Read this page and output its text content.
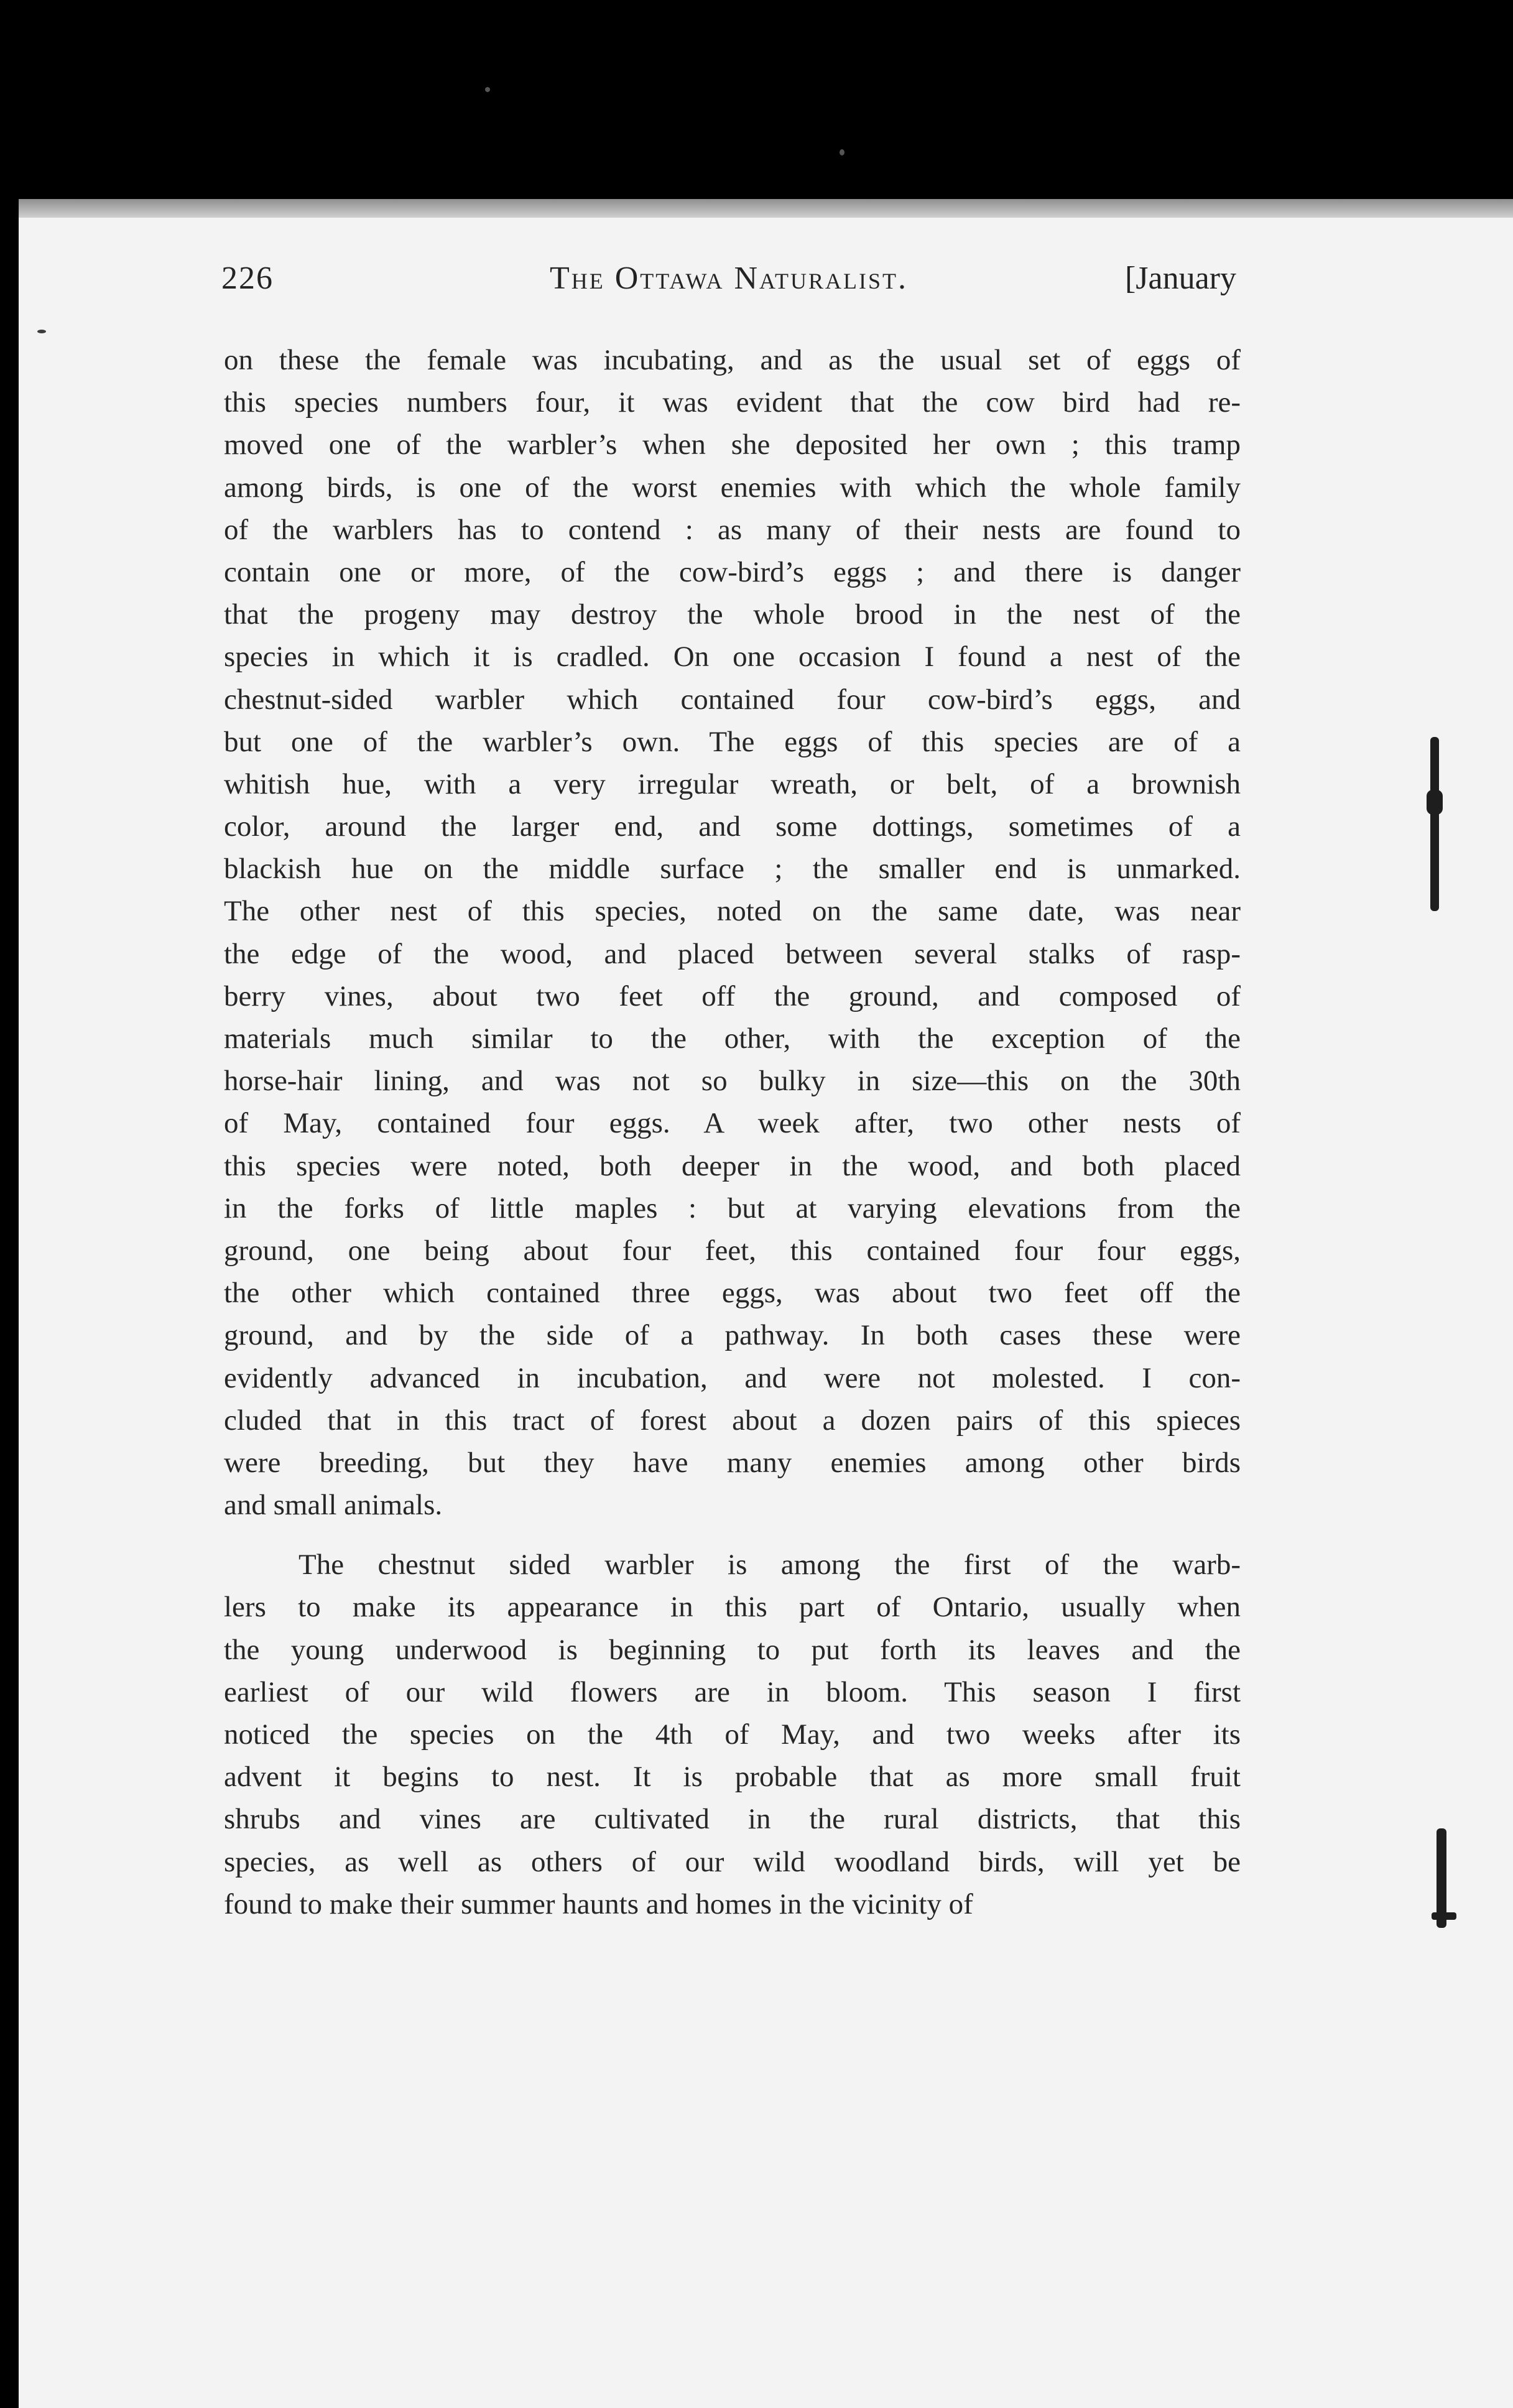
226	The Ottawa Naturalist.	[January
on these the female was incubating, and as the usual set of eggs of
this species numbers four, it was evident that the cow bird had re-
moved one of the warbler’s when she deposited her own ; this tramp
among birds, is one of the worst enemies with which the whole family
of the warblers has to contend : as many of their nests are found to
contain one or more, of the cow-bird’s eggs ; and there is danger
that the progeny may destroy the whole brood in the nest of the
species in which it is cradled. On one occasion I found a nest of the
chestnut-sided warbler which contained four cow-bird’s eggs, and
but one of the warbler’s own. The eggs of this species are of a
whitish hue, with a very irregular wreath, or belt, of a brownish
color, around the larger end, and some dottings, sometimes of a
blackish hue on the middle surface ; the smaller end is unmarked.
The other nest of this species, noted on the same date, was near
the edge of the wood, and placed between several stalks of rasp-
berry vines, about two feet off the ground, and composed of
materials much similar to the other, with the exception of the
horse-hair lining, and was not so bulky in size—this on the 30th
of May, contained four eggs. A week after, two other nests of
this species were noted, both deeper in the wood, and both placed
in the forks of little maples : but at varying elevations from the
ground, one being about four feet, this contained four four eggs,
the other which contained three eggs, was about two feet off the
ground, and by the side of a pathway. In both cases these were
evidently advanced in incubation, and were not molested. I con-
cluded that in this tract of forest about a dozen pairs of this spieces
were breeding, but they have many enemies among other birds
and small animals.
The chestnut sided warbler is among the first of the warb-
lers to make its appearance in this part of Ontario, usually when
the young underwood is beginning to put forth its leaves and the
earliest of our wild flowers are in bloom. This season I first
noticed the species on the 4th of May, and two weeks after its
advent it begins to nest. It is probable that as more small fruit
shrubs and vines are cultivated in the rural districts, that this
species, as well as others of our wild woodland birds, will yet be
found to make their summer haunts and homes in the vicinity of
